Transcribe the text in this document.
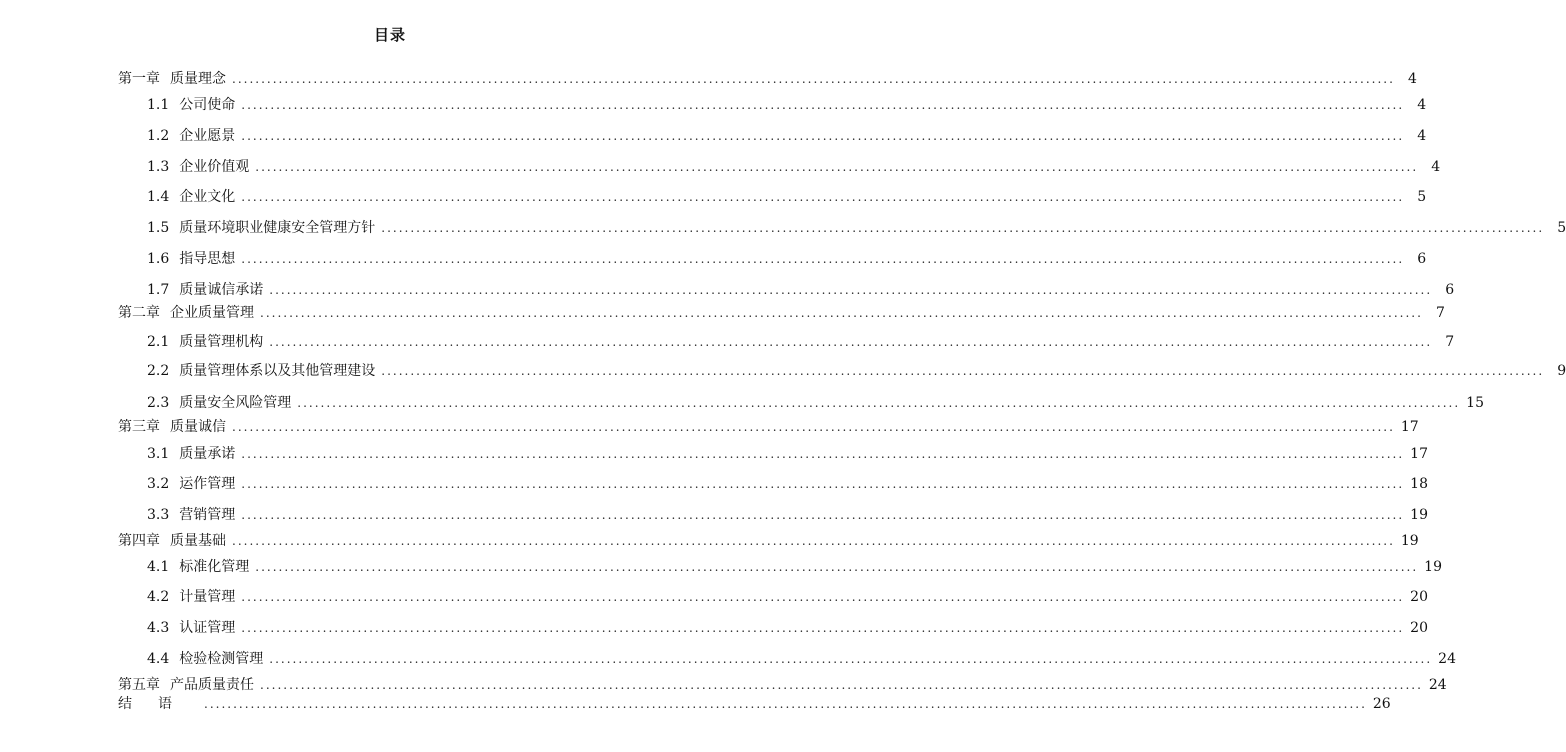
目录
第一章 质量理念 ........................................................................................................................................................................................................ 4
1.1 公司使命 ........................................................................................................................................................................................................ 4
1.2 企业愿景 ........................................................................................................................................................................................................ 4
1.3 企业价值观 ........................................................................................................................................................................................................ 4
1.4 企业文化 ........................................................................................................................................................................................................ 5
1.5 质量环境职业健康安全管理方针 ........................................................................................................................................................................................................ 5
1.6 指导思想 ........................................................................................................................................................................................................ 6
1.7 质量诚信承诺 ........................................................................................................................................................................................................ 6
第二章 企业质量管理 ........................................................................................................................................................................................................ 7
2.1 质量管理机构 ........................................................................................................................................................................................................ 7
2.2 质量管理体系以及其他管理建设 ........................................................................................................................................................................................................ 9
2.3 质量安全风险管理 ........................................................................................................................................................................................................ 15
第三章 质量诚信 ........................................................................................................................................................................................................ 17
3.1 质量承诺 ........................................................................................................................................................................................................ 17
3.2 运作管理 ........................................................................................................................................................................................................ 18
3.3 营销管理 ........................................................................................................................................................................................................ 19
第四章 质量基础 ........................................................................................................................................................................................................ 19
4.1 标准化管理 ........................................................................................................................................................................................................ 19
4.2 计量管理 ........................................................................................................................................................................................................ 20
4.3 认证管理 ........................................................................................................................................................................................................ 20
4.4 检验检测管理 ........................................................................................................................................................................................................ 24
第五章 产品质量责任 ........................................................................................................................................................................................................ 24
结语 ........................................................................................................................................................................................................ 26
